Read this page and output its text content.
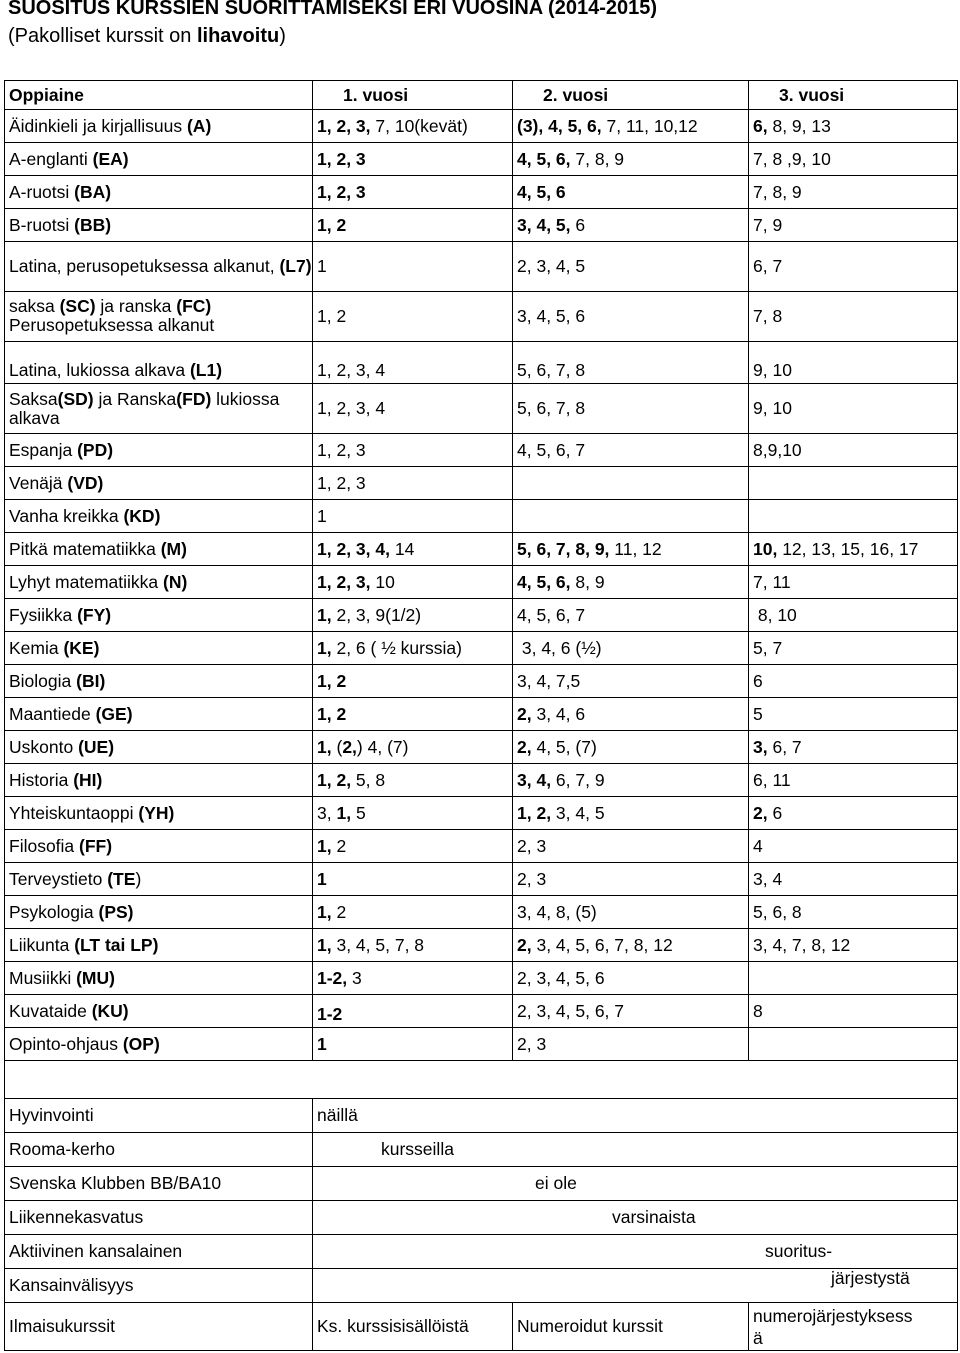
SUOSITUS KURSSIEN SUORITTAMISEKSI ERI VUOSINA (2014-2015)
(Pakolliset kurssit on lihavoitu)
Oppiaine	1. vuosi	2. vuosi	3. vuosi
Äidinkieli ja kirjallisuus (A)	1, 2, 3, 7, 10(kevät)	(3), 4, 5, 6, 7, 11, 10,12	6, 8, 9, 13
A-englanti (EA)	1, 2, 3	4, 5, 6, 7, 8, 9	7, 8 ,9, 10
A-ruotsi (BA)	1, 2, 3	4, 5, 6	7, 8, 9
B-ruotsi (BB)	1, 2	3, 4, 5, 6	7, 9
Latina, perusopetuksessa alkanut, (L7)	1	2, 3, 4, 5	6, 7
saksa (SC) ja ranska (FC) Perusopetuksessa alkanut	1, 2	3, 4, 5, 6	7, 8
Latina, lukiossa alkava (L1)	1, 2, 3, 4	5, 6, 7, 8	9, 10
Saksa(SD) ja Ranska(FD) lukiossa alkava	1, 2, 3, 4	5, 6, 7, 8	9, 10
Espanja (PD)	1, 2, 3	4, 5, 6, 7	8,9,10
Venäjä (VD)	1, 2, 3		
Vanha kreikka (KD)	1		
Pitkä matematiikka (M)	1, 2, 3, 4, 14	5, 6, 7, 8, 9, 11, 12	10, 12, 13, 15, 16, 17
Lyhyt matematiikka (N)	1, 2, 3, 10	4, 5, 6, 8, 9	7, 11
Fysiikka (FY)	1, 2, 3, 9(1/2)	4, 5, 6, 7	8, 10
Kemia (KE)	1, 2, 6 ( ½ kurssia)	3, 4, 6 (½)	5, 7
Biologia (BI)	1, 2	3, 4, 7,5	6
Maantiede (GE)	1, 2	2, 3, 4, 6	5
Uskonto (UE)	1, (2,) 4, (7)	2, 4, 5, (7)	3, 6, 7
Historia (HI)	1, 2, 5, 8	3, 4, 6, 7, 9	6, 11
Yhteiskuntaoppi (YH)	3, 1, 5	1, 2, 3, 4, 5	2, 6
Filosofia (FF)	1, 2	2, 3	4
Terveystieto (TE)	1	2, 3	3, 4
Psykologia (PS)	1, 2	3, 4, 8, (5)	5, 6, 8
Liikunta (LT tai LP)	1, 3, 4, 5, 7, 8	2, 3, 4, 5, 6, 7, 8, 12	3, 4, 7, 8, 12
Musiikki (MU)	1-2, 3	2, 3, 4, 5, 6	
Kuvataide (KU)	1-2	2, 3, 4, 5, 6, 7	8
Opinto-ohjaus (OP)	1	2, 3	

Hyvinvointi	näillä		
Rooma-kerho	kursseilla		
Svenska Klubben BB/BA10	ei ole		
Liikennekasvatus	varsinaista		
Aktiivinen kansalainen	suoritus-		
Kansainvälisyys	järjestystä		
Ilmaisukurssit	Ks. kurssisisällöistä	Numeroidut kurssit	numerojärjestyksess
ä
